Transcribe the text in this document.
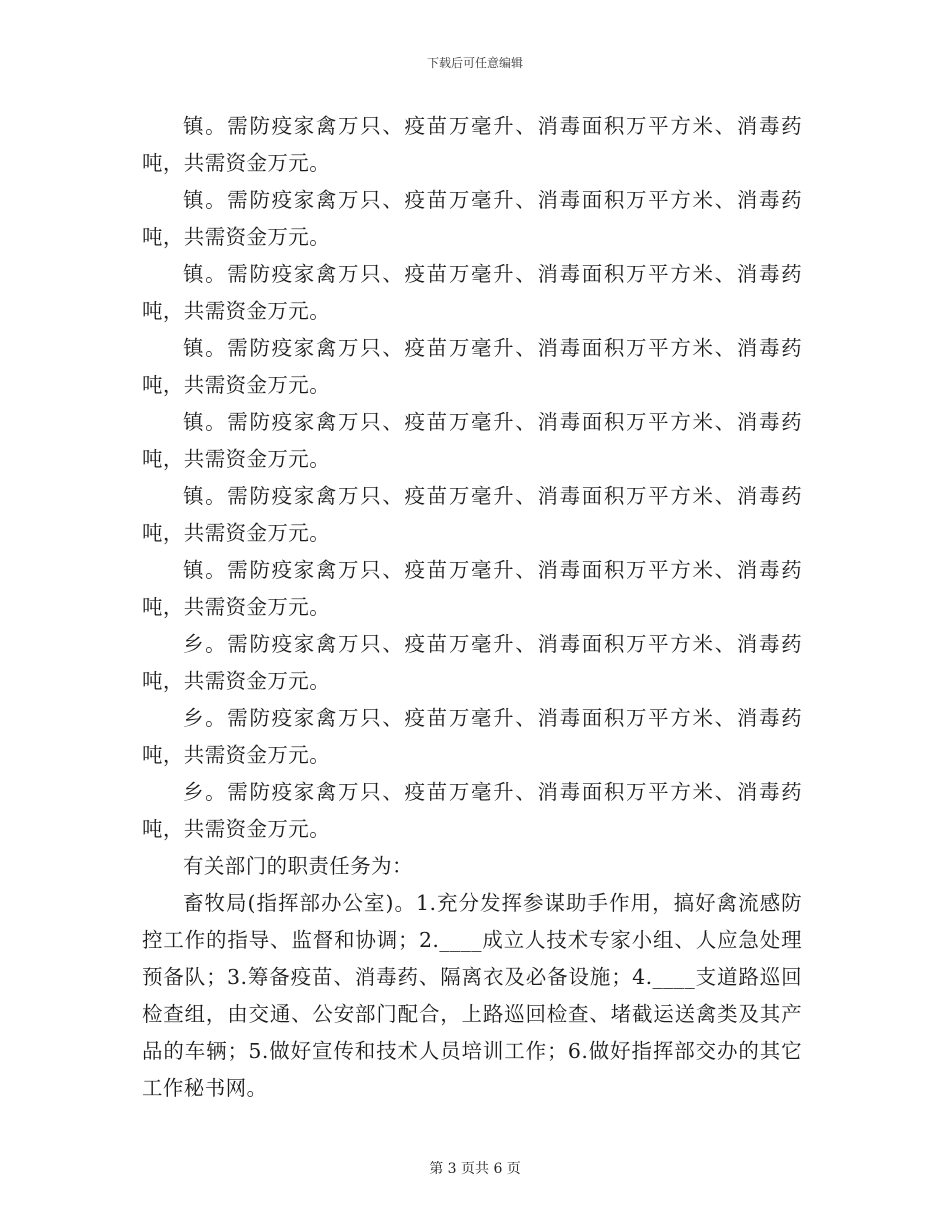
下载后可任意编辑

镇。需防疫家禽万只、疫苗万毫升、消毒面积万平方米、消毒药吨，共需资金万元。

镇。需防疫家禽万只、疫苗万毫升、消毒面积万平方米、消毒药吨，共需资金万元。

镇。需防疫家禽万只、疫苗万毫升、消毒面积万平方米、消毒药吨，共需资金万元。

镇。需防疫家禽万只、疫苗万毫升、消毒面积万平方米、消毒药吨，共需资金万元。

镇。需防疫家禽万只、疫苗万毫升、消毒面积万平方米、消毒药吨，共需资金万元。

镇。需防疫家禽万只、疫苗万毫升、消毒面积万平方米、消毒药吨，共需资金万元。

镇。需防疫家禽万只、疫苗万毫升、消毒面积万平方米、消毒药吨，共需资金万元。

乡。需防疫家禽万只、疫苗万毫升、消毒面积万平方米、消毒药吨，共需资金万元。

乡。需防疫家禽万只、疫苗万毫升、消毒面积万平方米、消毒药吨，共需资金万元。

乡。需防疫家禽万只、疫苗万毫升、消毒面积万平方米、消毒药吨，共需资金万元。

有关部门的职责任务为：

畜牧局(指挥部办公室)。1.充分发挥参谋助手作用，搞好禽流感防控工作的指导、监督和协调；2.____成立人技术专家小组、人应急处理预备队；3.筹备疫苗、消毒药、隔离衣及必备设施；4.____支道路巡回检查组，由交通、公安部门配合，上路巡回检查、堵截运送禽类及其产品的车辆；5.做好宣传和技术人员培训工作；6.做好指挥部交办的其它工作秘书网。

第 3 页共 6 页
